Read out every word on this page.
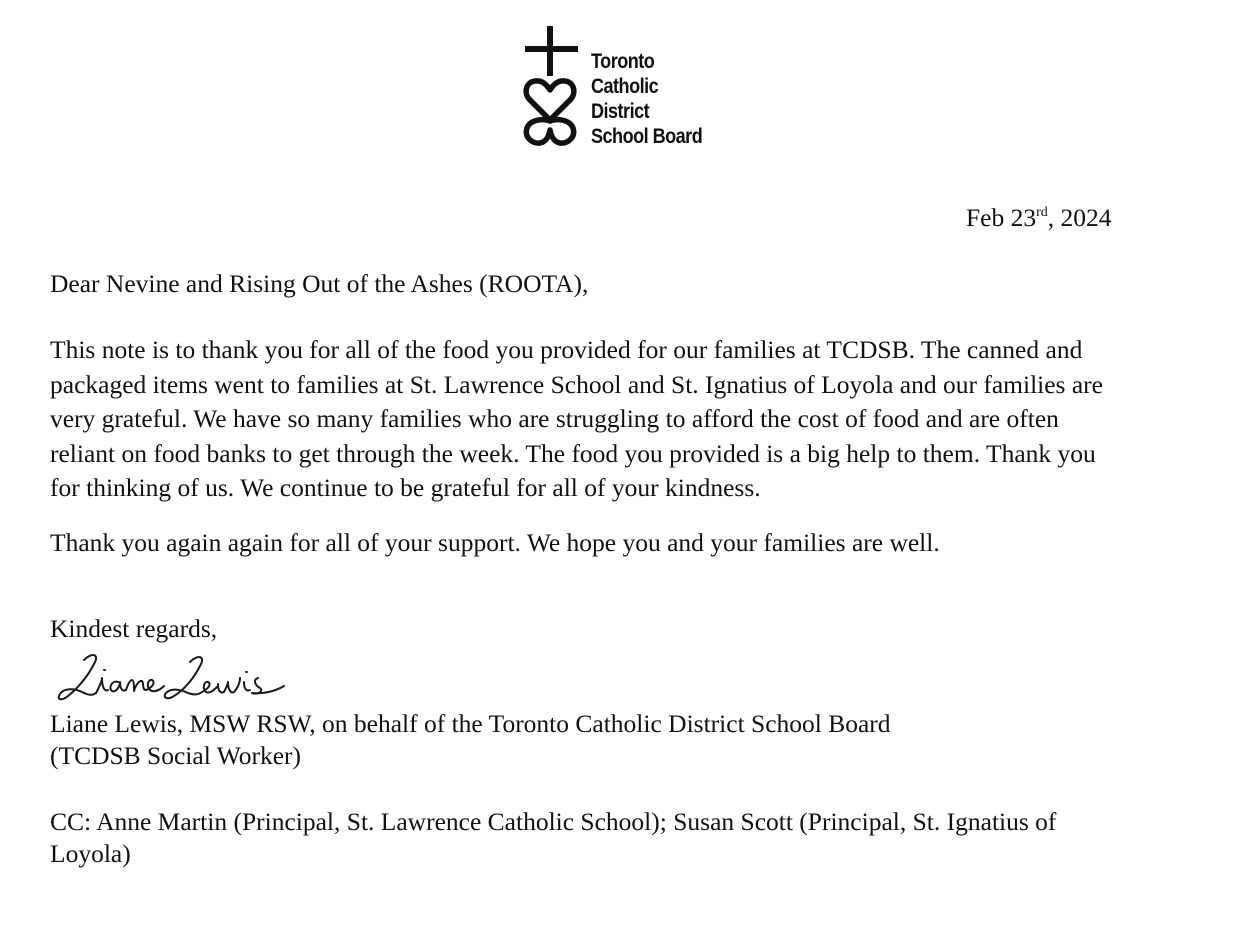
Toronto
Catholic
District
School Board
Feb 23rd, 2024
Dear Nevine and Rising Out of the Ashes (ROOTA),
This note is to thank you for all of the food you provided for our families at TCDSB. The canned and
packaged items went to families at St. Lawrence School and St. Ignatius of Loyola and our families are
very grateful. We have so many families who are struggling to afford the cost of food and are often
reliant on food banks to get through the week. The food you provided is a big help to them. Thank you
for thinking of us. We continue to be grateful for all of your kindness.
Thank you again again for all of your support. We hope you and your families are well.
Kindest regards,
Liane Lewis, MSW RSW, on behalf of the Toronto Catholic District School Board
(TCDSB Social Worker)
CC: Anne Martin (Principal, St. Lawrence Catholic School); Susan Scott (Principal, St. Ignatius of
Loyola)
